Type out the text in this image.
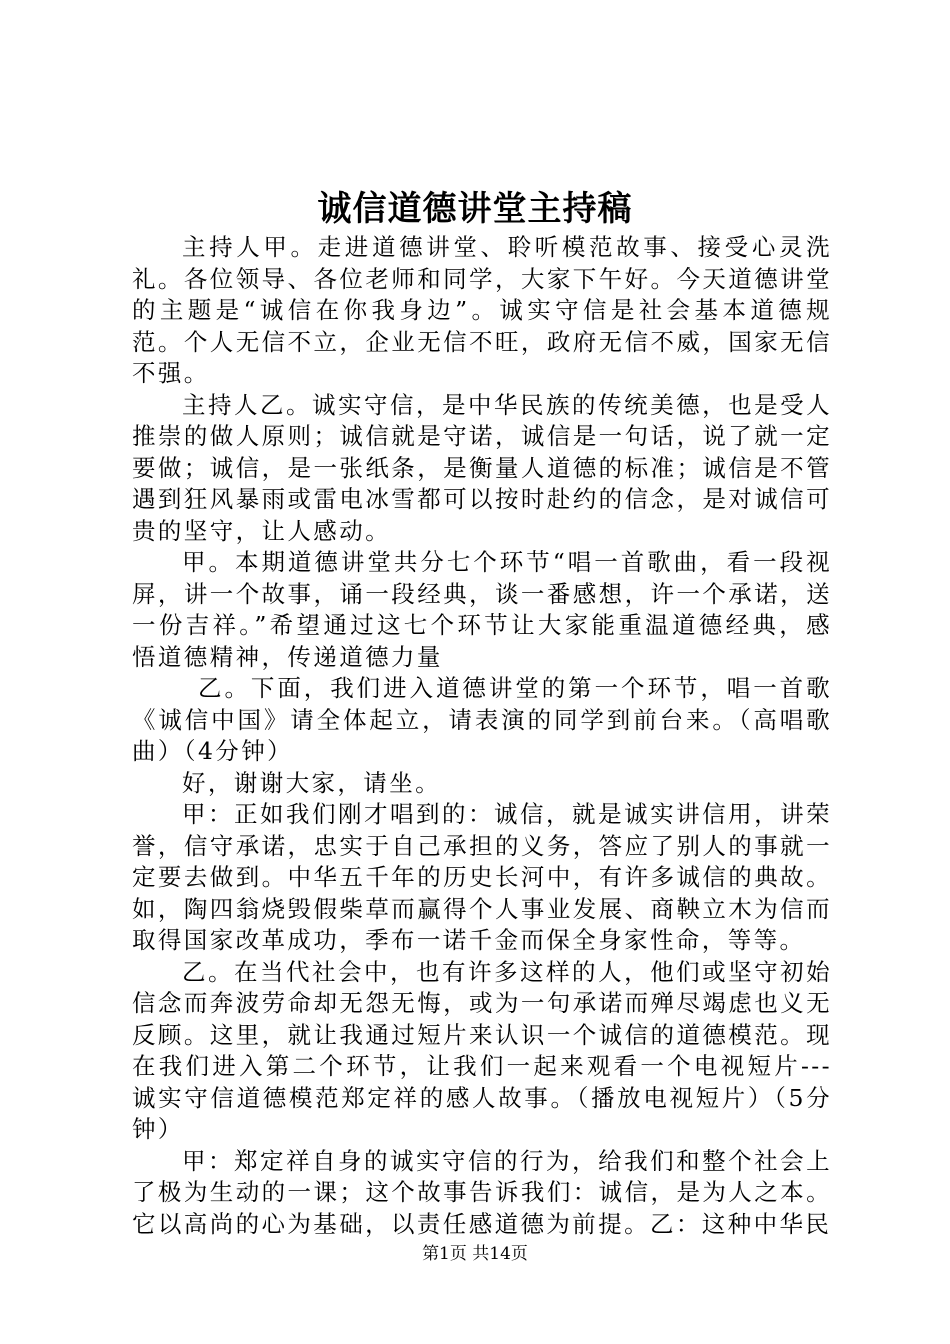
诚信道德讲堂主持稿

主持人甲。走进道德讲堂、聆听模范故事、接受心灵洗礼。各位领导、各位老师和同学，大家下午好。今天道德讲堂的主题是“诚信在你我身边”。诚实守信是社会基本道德规范。个人无信不立，企业无信不旺，政府无信不威，国家无信不强。

主持人乙。诚实守信，是中华民族的传统美德，也是受人推崇的做人原则；诚信就是守诺，诚信是一句话，说了就一定要做；诚信，是一张纸条，是衡量人道德的标准；诚信是不管遇到狂风暴雨或雷电冰雪都可以按时赴约的信念，是对诚信可贵的坚守，让人感动。

甲。本期道德讲堂共分七个环节“唱一首歌曲，看一段视屏，讲一个故事，诵一段经典，谈一番感想，许一个承诺，送一份吉祥。”希望通过这七个环节让大家能重温道德经典，感悟道德精神，传递道德力量

乙。下面，我们进入道德讲堂的第一个环节，唱一首歌《诚信中国》请全体起立，请表演的同学到前台来。（高唱歌曲）（4分钟）

好，谢谢大家，请坐。

甲：正如我们刚才唱到的：诚信，就是诚实讲信用，讲荣誉，信守承诺，忠实于自己承担的义务，答应了别人的事就一定要去做到。中华五千年的历史长河中，有许多诚信的典故。如，陶四翁烧毁假柴草而赢得个人事业发展、商鞅立木为信而取得国家改革成功，季布一诺千金而保全身家性命，等等。

乙。在当代社会中，也有许多这样的人，他们或坚守初始信念而奔波劳命却无怨无悔，或为一句承诺而殚尽竭虑也义无反顾。这里，就让我通过短片来认识一个诚信的道德模范。现在我们进入第二个环节，让我们一起来观看一个电视短片---诚实守信道德模范郑定祥的感人故事。（播放电视短片）（5分钟）

甲：郑定祥自身的诚实守信的行为，给我们和整个社会上了极为生动的一课；这个故事告诉我们：诚信，是为人之本。它以高尚的心为基础，以责任感道德为前提。乙：这种中华民

第1页 共14页
